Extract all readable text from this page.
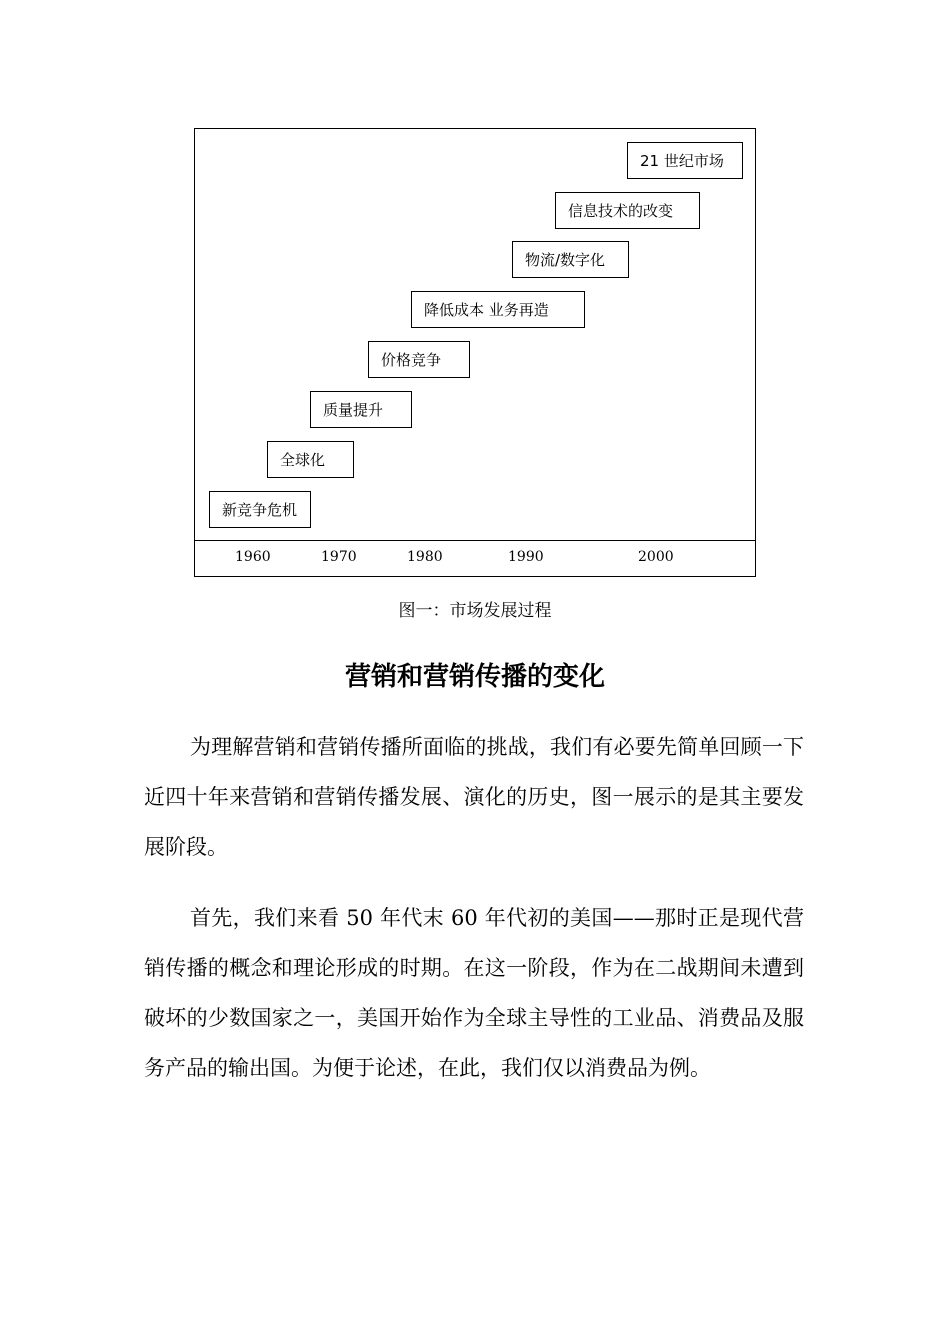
新竞争危机
全球化
质量提升
价格竞争
降低成本 业务再造
物流/数字化
信息技术的改变
21 世纪市场
1960	1970	1980	1990	2000
图一：市场发展过程
营销和营销传播的变化

为理解营销和营销传播所面临的挑战，我们有必要先简单回顾一下近四十年来营销和营销传播发展、演化的历史，图一展示的是其主要发展阶段。

首先，我们来看 50 年代末 60 年代初的美国——那时正是现代营销传播的概念和理论形成的时期。在这一阶段，作为在二战期间未遭到破坏的少数国家之一，美国开始作为全球主导性的工业品、消费品及服务产品的输出国。为便于论述，在此，我们仅以消费品为例。
